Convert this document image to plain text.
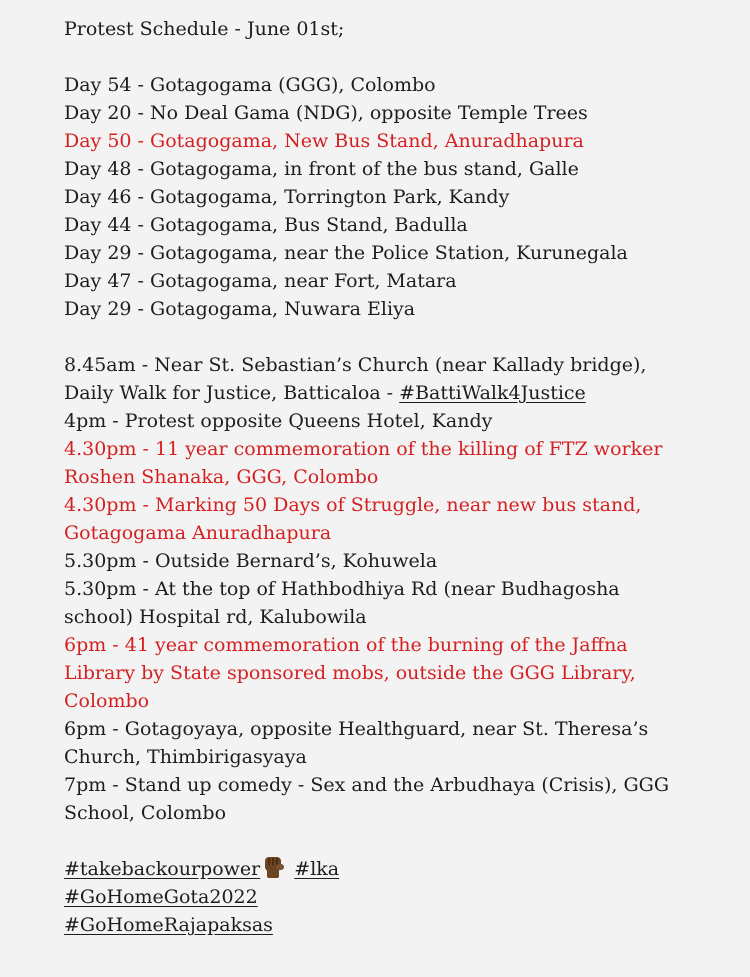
Protest Schedule - June 01st;

Day 54 - Gotagogama (GGG), Colombo

Day 20 - No Deal Gama (NDG), opposite Temple Trees

Day 50 - Gotagogama, New Bus Stand, Anuradhapura

Day 48 - Gotagogama, in front of the bus stand, Galle

Day 46 - Gotagogama, Torrington Park, Kandy

Day 44 - Gotagogama, Bus Stand, Badulla

Day 29 - Gotagogama, near the Police Station, Kurunegala

Day 47 - Gotagogama, near Fort, Matara

Day 29 - Gotagogama, Nuwara Eliya

8.45am - Near St. Sebastian’s Church (near Kallady bridge),

Daily Walk for Justice, Batticaloa - #BattiWalk4Justice

4pm - Protest opposite Queens Hotel, Kandy

4.30pm - 11 year commemoration of the killing of FTZ worker

Roshen Shanaka, GGG, Colombo

4.30pm - Marking 50 Days of Struggle, near new bus stand,

Gotagogama Anuradhapura

5.30pm - Outside Bernard’s, Kohuwela

5.30pm - At the top of Hathbodhiya Rd (near Budhagosha

school) Hospital rd, Kalubowila

6pm - 41 year commemoration of the burning of the Jaffna

Library by State sponsored mobs, outside the GGG Library,

Colombo

6pm - Gotagoyaya, opposite Healthguard, near St. Theresa’s

Church, Thimbirigasyaya

7pm - Stand up comedy - Sex and the Arbudhaya (Crisis), GGG

School, Colombo

#takebackourpower #lka

#GoHomeGota2022

#GoHomeRajapaksas
